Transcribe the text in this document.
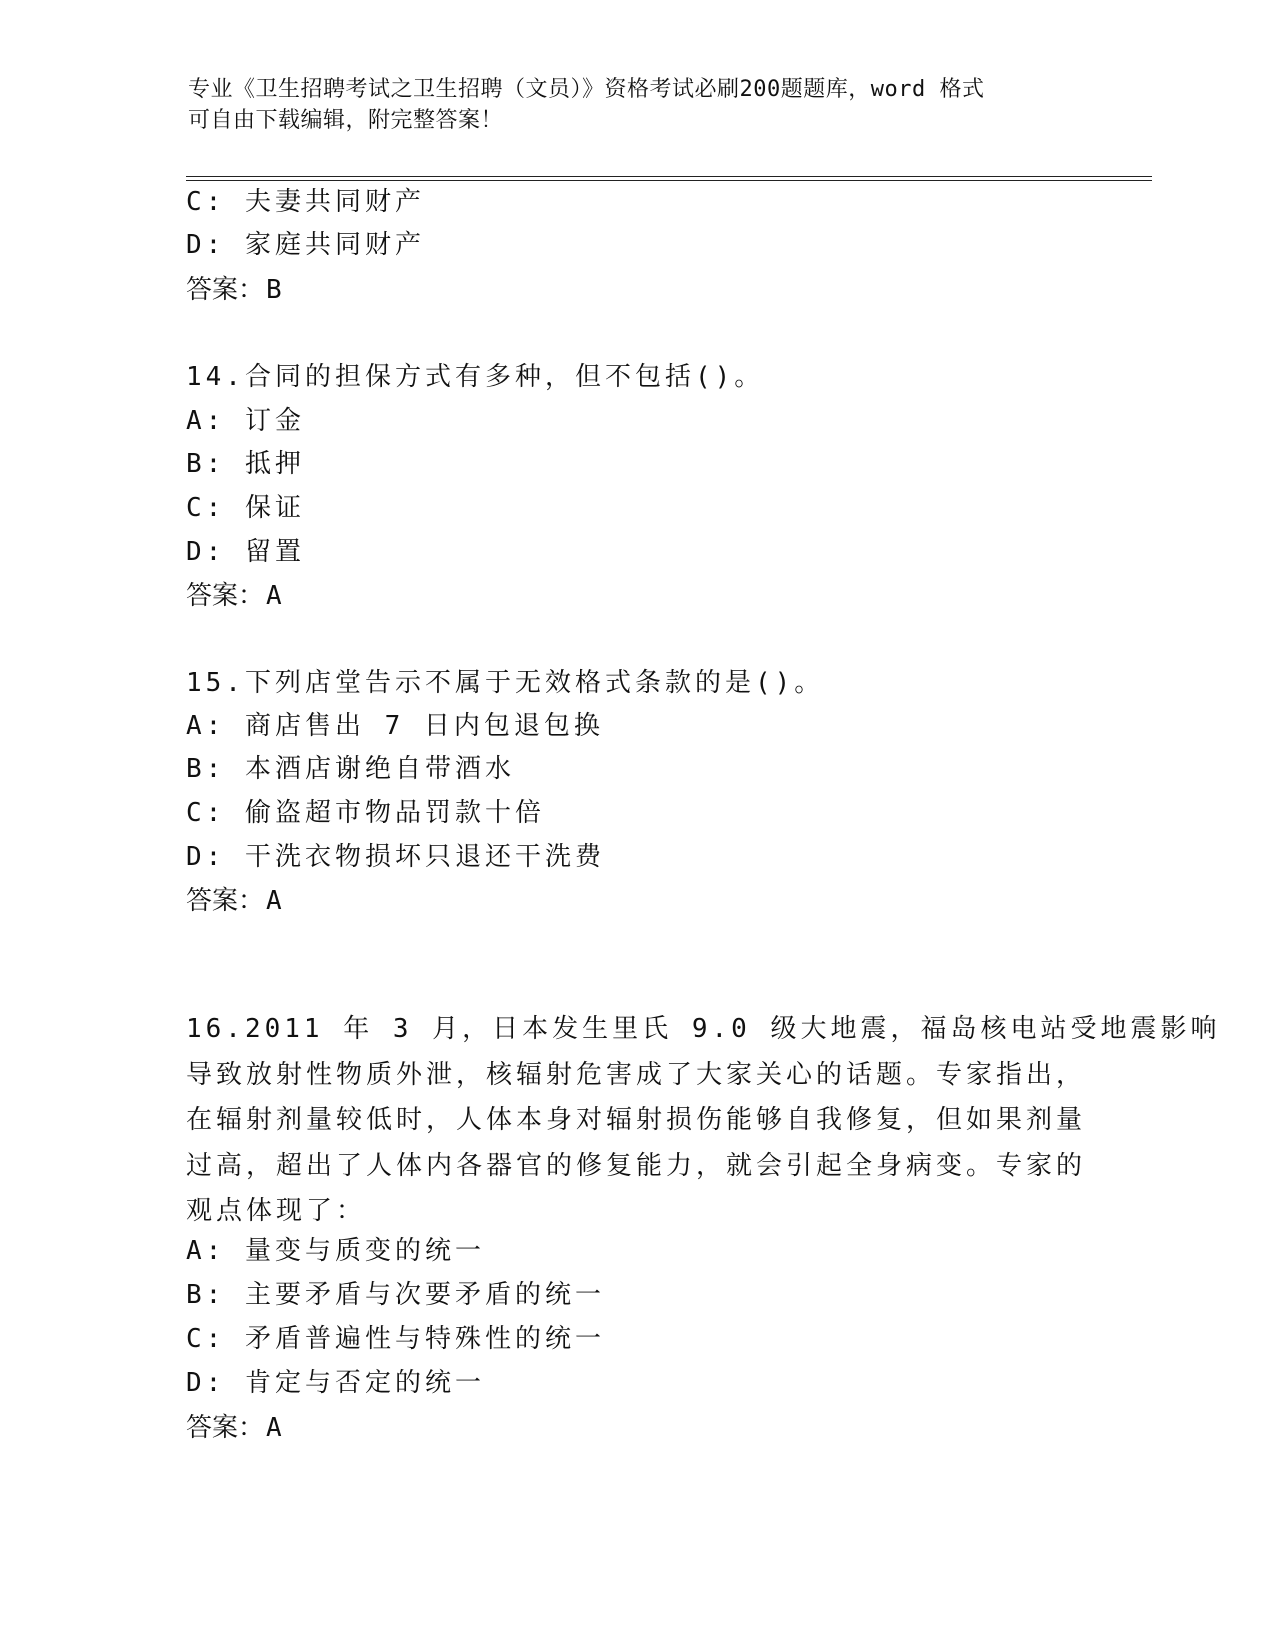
专业《卫生招聘考试之卫生招聘（文员）》资格考试必刷200题题库，word 格式
可自由下载编辑，附完整答案！
C: 夫妻共同财产
D: 家庭共同财产
答案：B
14.合同的担保方式有多种，但不包括()。
A: 订金
B: 抵押
C: 保证
D: 留置
答案：A
15.下列店堂告示不属于无效格式条款的是()。
A: 商店售出 7 日内包退包换
B: 本酒店谢绝自带酒水
C: 偷盗超市物品罚款十倍
D: 干洗衣物损坏只退还干洗费
答案：A
16.2011 年 3 月，日本发生里氏 9.0 级大地震，福岛核电站受地震影响
导致放射性物质外泄，核辐射危害成了大家关心的话题。专家指出，
在辐射剂量较低时，人体本身对辐射损伤能够自我修复，但如果剂量
过高，超出了人体内各器官的修复能力，就会引起全身病变。专家的
观点体现了：
A: 量变与质变的统一
B: 主要矛盾与次要矛盾的统一
C: 矛盾普遍性与特殊性的统一
D: 肯定与否定的统一
答案：A
